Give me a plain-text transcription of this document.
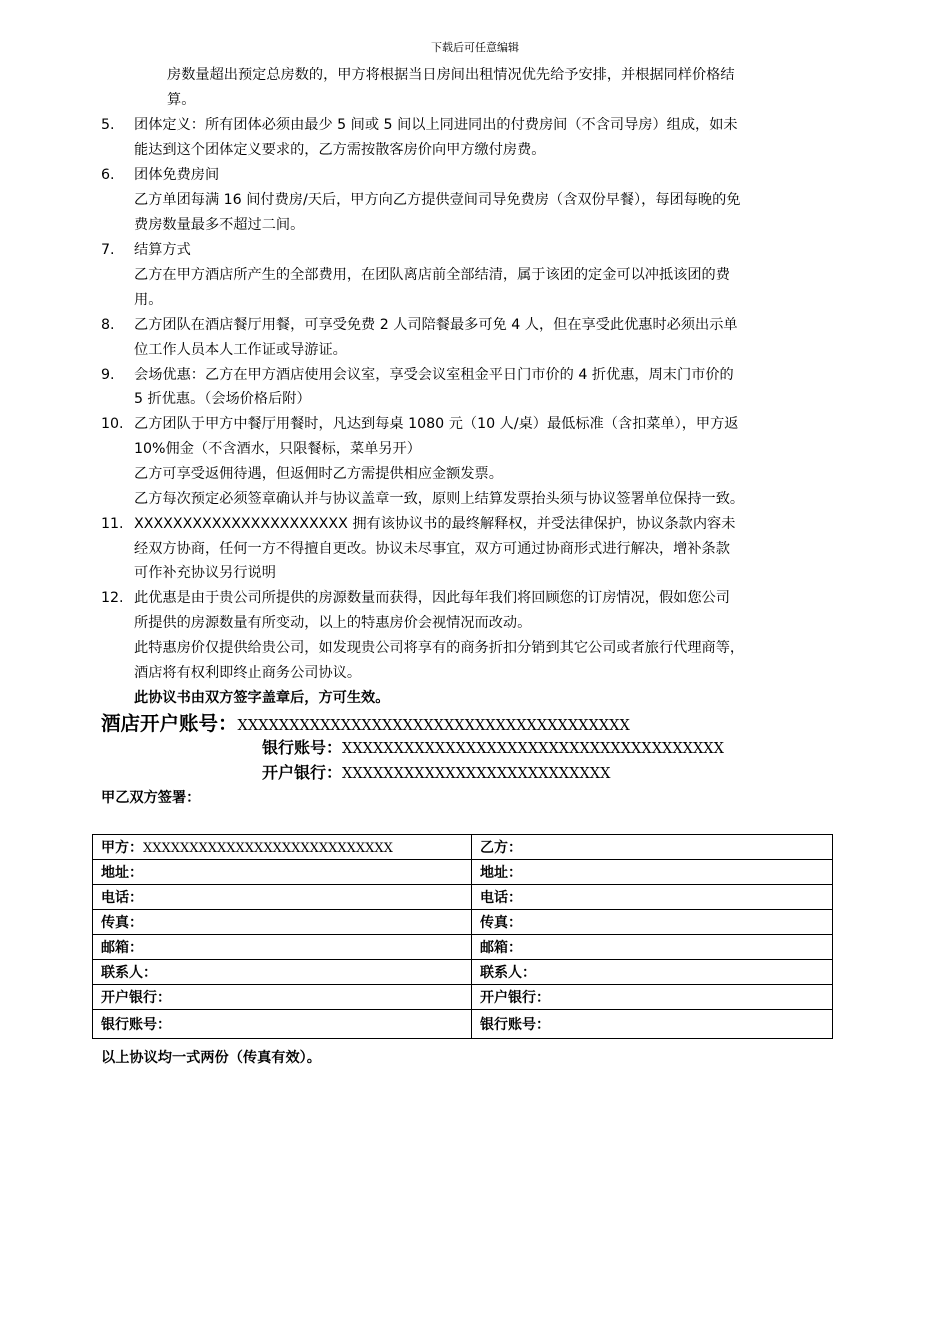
下载后可任意编辑
房数量超出预定总房数的，甲方将根据当日房间出租情况优先给予安排，并根据同样价格结
算。
5. 团体定义：所有团体必须由最少 5 间或 5 间以上同进同出的付费房间（不含司导房）组成，如未
能达到这个团体定义要求的，乙方需按散客房价向甲方缴付房费。
6. 团体免费房间
乙方单团每满 16 间付费房/天后，甲方向乙方提供壹间司导免费房（含双份早餐），每团每晚的免
费房数量最多不超过二间。
7. 结算方式
乙方在甲方酒店所产生的全部费用，在团队离店前全部结清，属于该团的定金可以冲抵该团的费
用。
8. 乙方团队在酒店餐厅用餐，可享受免费 2 人司陪餐最多可免 4 人，但在享受此优惠时必须出示单
位工作人员本人工作证或导游证。
9. 会场优惠：乙方在甲方酒店使用会议室，享受会议室租金平日门市价的 4 折优惠，周末门市价的
5 折优惠。（会场价格后附）
10. 乙方团队于甲方中餐厅用餐时，凡达到每桌 1080 元（10 人/桌）最低标准（含扣菜单），甲方返
10%佣金（不含酒水，只限餐标，菜单另开）
乙方可享受返佣待遇，但返佣时乙方需提供相应金额发票。
乙方每次预定必须签章确认并与协议盖章一致，原则上结算发票抬头须与协议签署单位保持一致。
11. XXXXXXXXXXXXXXXXXXXXXX 拥有该协议书的最终解释权，并受法律保护，协议条款内容未
经双方协商，任何一方不得擅自更改。协议未尽事宜，双方可通过协商形式进行解决，增补条款
可作补充协议另行说明
12. 此优惠是由于贵公司所提供的房源数量而获得，因此每年我们将回顾您的订房情况，假如您公司
所提供的房源数量有所变动，以上的特惠房价会视情况而改动。
此特惠房价仅提供给贵公司，如发现贵公司将享有的商务折扣分销到其它公司或者旅行代理商等，
酒店将有权利即终止商务公司协议。
此协议书由双方签字盖章后，方可生效。
酒店开户账号：XXXXXXXXXXXXXXXXXXXXXXXXXXXXXXXXXXXXXX
银行账号：XXXXXXXXXXXXXXXXXXXXXXXXXXXXXXXXXXXXX
开户银行：XXXXXXXXXXXXXXXXXXXXXXXXXX
甲乙双方签署：
甲方：XXXXXXXXXXXXXXXXXXXXXXXXXXX	乙方：
地址：	地址：
电话：	电话：
传真：	传真：
邮箱：	邮箱：
联系人：	联系人：
开户银行：	开户银行：
银行账号：	银行账号：
以上协议均一式两份（传真有效）。
